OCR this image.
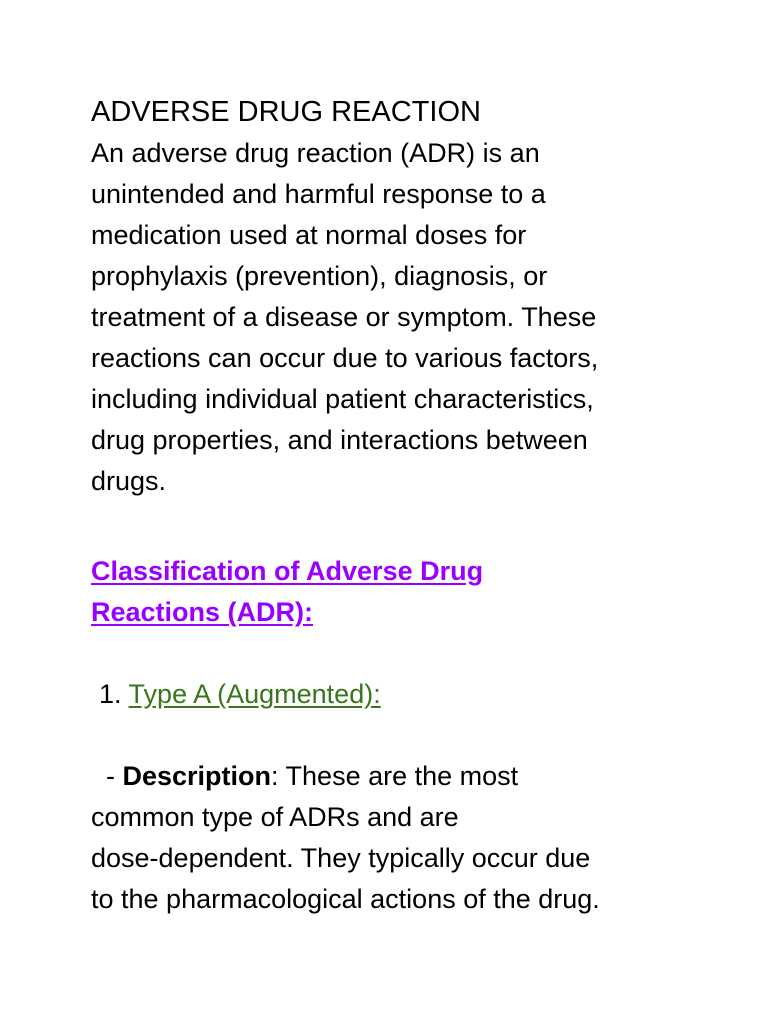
ADVERSE DRUG REACTION

An adverse drug reaction (ADR) is an
unintended and harmful response to a
medication used at normal doses for
prophylaxis (prevention), diagnosis, or
treatment of a disease or symptom. These
reactions can occur due to various factors,
including individual patient characteristics,
drug properties, and interactions between
drugs.

Classification of Adverse Drug
Reactions (ADR):

1. Type A (Augmented):

- Description: These are the most
common type of ADRs and are
dose-dependent. They typically occur due
to the pharmacological actions of the drug.
